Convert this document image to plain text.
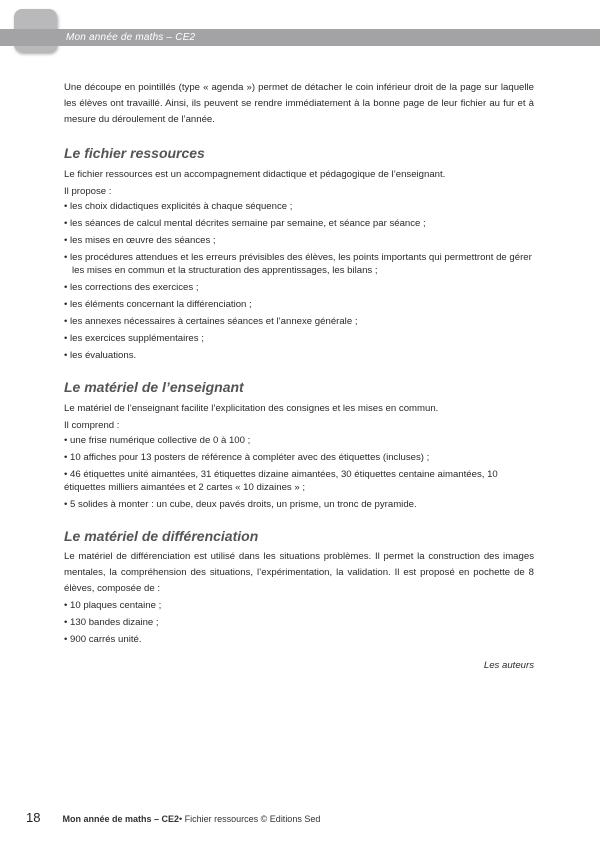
Mon année de maths – CE2

Une découpe en pointillés (type « agenda ») permet de détacher le coin inférieur droit de la page sur laquelle les élèves ont travaillé. Ainsi, ils peuvent se rendre immédiatement à la bonne page de leur fichier au fur et à mesure du déroulement de l’année.

Le fichier ressources
Le fichier ressources est un accompagnement didactique et pédagogique de l’enseignant.
Il propose :
• les choix didactiques explicités à chaque séquence ;
• les séances de calcul mental décrites semaine par semaine, et séance par séance ;
• les mises en œuvre des séances ;
• les procédures attendues et les erreurs prévisibles des élèves, les points importants qui permettront de gérer les mises en commun et la structuration des apprentissages, les bilans ;
• les corrections des exercices ;
• les éléments concernant la différenciation ;
• les annexes nécessaires à certaines séances et l’annexe générale ;
• les exercices supplémentaires ;
• les évaluations.
Le matériel de l’enseignant
Le matériel de l’enseignant facilite l’explicitation des consignes et les mises en commun.
Il comprend :
• une frise numérique collective de 0 à 100 ;
• 10 affiches pour 13 posters de référence à compléter avec des étiquettes (incluses) ;
• 46 étiquettes unité aimantées, 31 étiquettes dizaine aimantées, 30 étiquettes centaine aimantées, 10 étiquettes milliers aimantées et 2 cartes « 10 dizaines » ;
• 5 solides à monter : un cube, deux pavés droits, un prisme, un tronc de pyramide.
Le matériel de différenciation

Le matériel de différenciation est utilisé dans les situations problèmes. Il permet la construction des images mentales, la compréhension des situations, l’expérimentation, la validation. Il est proposé en pochette de 8 élèves, composée de :

• 10 plaques centaine ;
• 130 bandes dizaine ;
• 900 carrés unité.
Les auteurs
18 Mon année de maths – CE2 • Fichier ressources © Editions Sed
